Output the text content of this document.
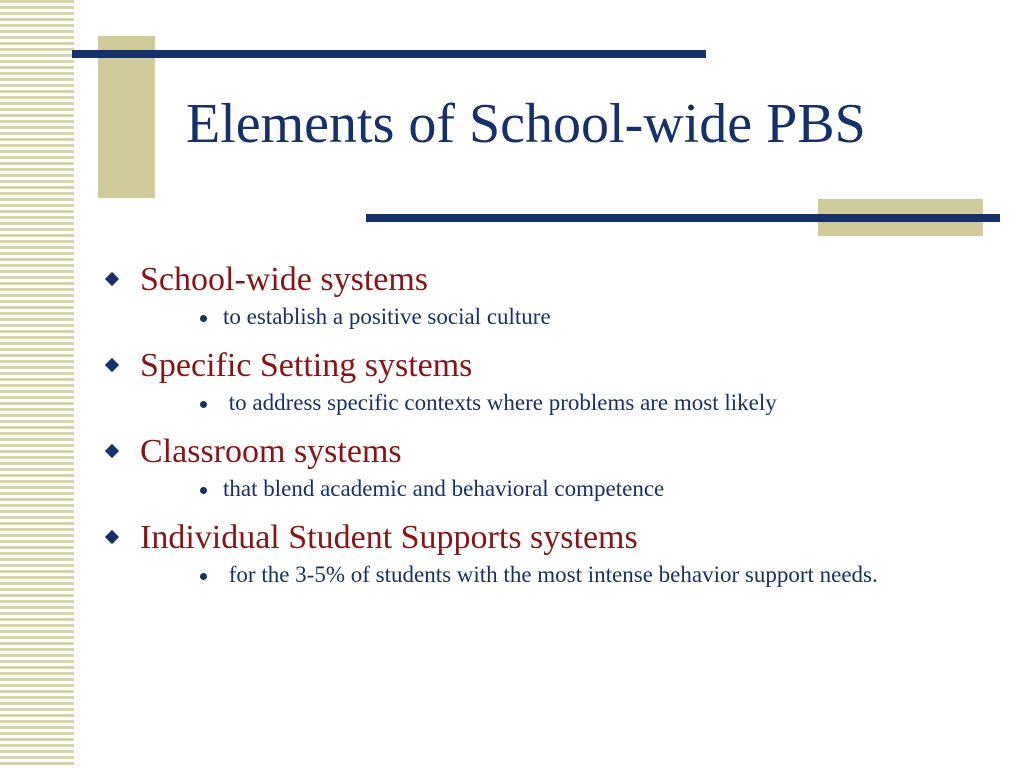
Elements of School-wide PBS
School-wide systems
to establish a positive social culture
Specific Setting systems
to address specific contexts where problems are most likely
Classroom systems
that blend academic and behavioral competence
Individual Student Supports systems
for the 3-5% of students with the most intense behavior support needs.
